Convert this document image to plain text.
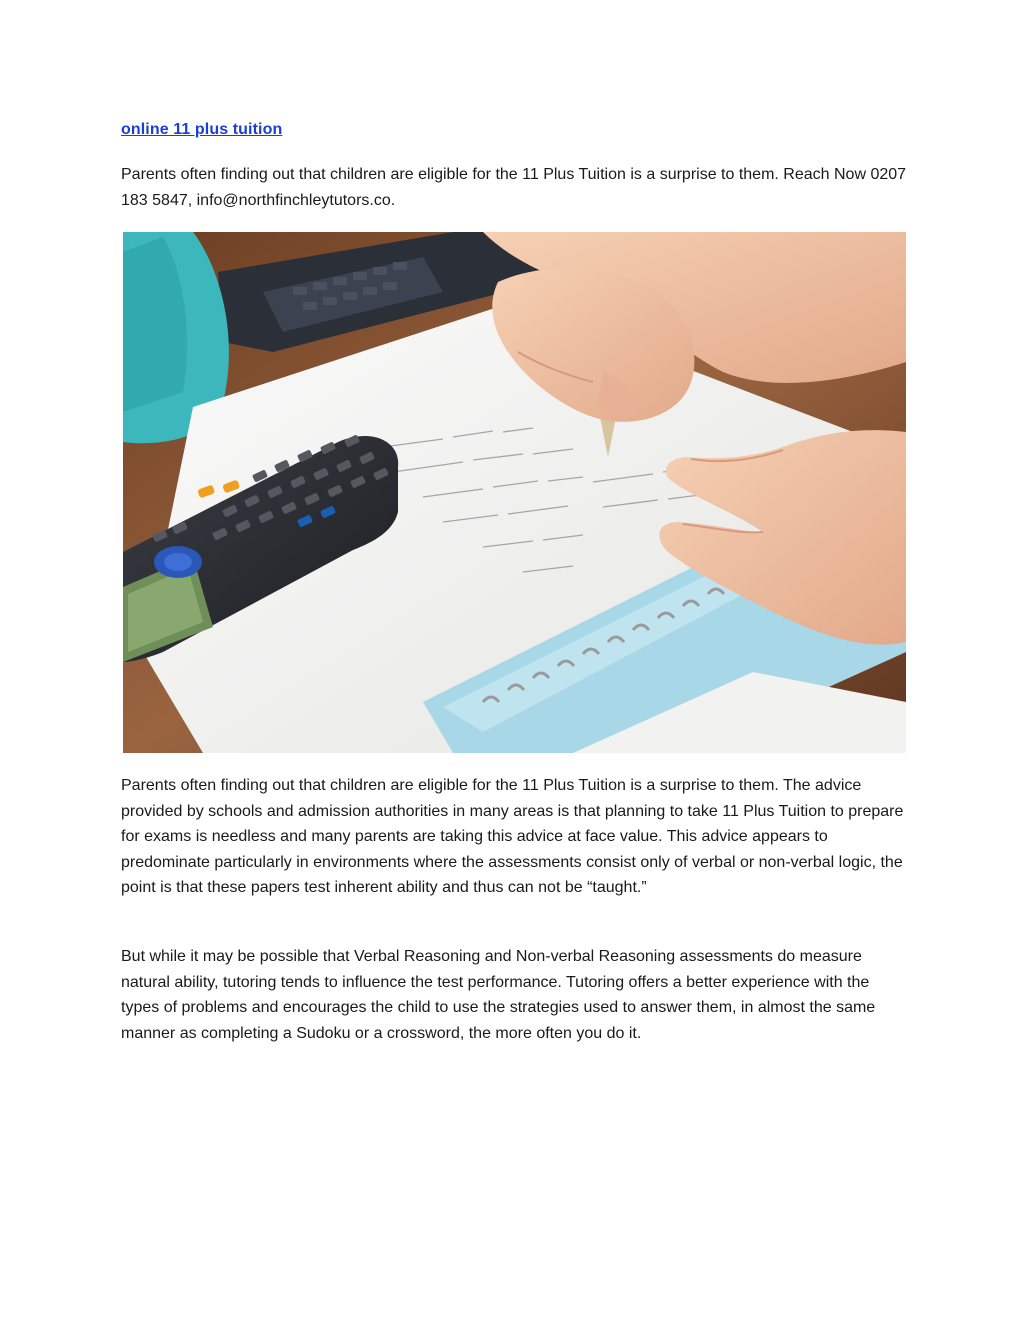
online 11 plus tuition

Parents often finding out that children are eligible for the 11 Plus Tuition is a surprise to them. Reach Now 0207 183 5847, info@northfinchleytutors.co.

Parents often finding out that children are eligible for the 11 Plus Tuition is a surprise to them. The advice provided by schools and admission authorities in many areas is that planning to take 11 Plus Tuition to prepare for exams is needless and many parents are taking this advice at face value. This advice appears to predominate particularly in environments where the assessments consist only of verbal or non-verbal logic, the point is that these papers test inherent ability and thus can not be “taught.”

But while it may be possible that Verbal Reasoning and Non-verbal Reasoning assessments do measure natural ability, tutoring tends to influence the test performance. Tutoring offers a better experience with the types of problems and encourages the child to use the strategies used to answer them, in almost the same manner as completing a Sudoku or a crossword, the more often you do it.
